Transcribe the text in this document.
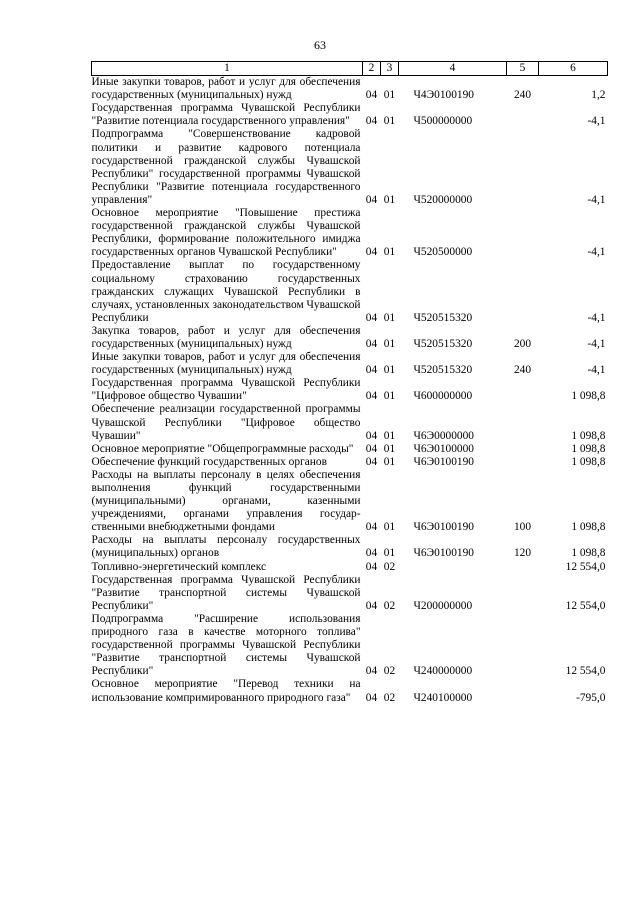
63
1	2	3	4	5	6
Иные закупки товаров, работ и услуг для обеспечения государственных (муниципальных) нужд	04	01	Ч4Э0100190	240	1,2
Государственная программа Чувашской Республики "Развитие потенциала государственного управления"	04	01	Ч500000000		-4,1
Подпрограмма "Совершенствование кадровой политики и развитие кадрового потенциала государственной гражданской службы Чувашской Республики" государственной программы Чувашской Республики "Развитие потенциала государственного управления"	04	01	Ч520000000		-4,1
Основное мероприятие "Повышение престижа государственной гражданской службы Чувашской Республики, формирование положительного имиджа государственных органов Чувашской Республики"	04	01	Ч520500000		-4,1
Предоставление выплат по государственному социальному страхованию государственных гражданских служащих Чувашской Республики в случаях, установленных законодательством Чувашской Республики	04	01	Ч520515320		-4,1
Закупка товаров, работ и услуг для обеспечения государственных (муниципальных) нужд	04	01	Ч520515320	200	-4,1
Иные закупки товаров, работ и услуг для обеспечения государственных (муниципальных) нужд	04	01	Ч520515320	240	-4,1
Государственная программа Чувашской Республики "Цифровое общество Чувашии"	04	01	Ч600000000		1 098,8
Обеспечение реализации государственной программы Чувашской Республики "Цифровое общество Чувашии"	04	01	Ч6Э0000000		1 098,8
Основное мероприятие "Общепрограммные расходы"	04	01	Ч6Э0100000		1 098,8
Обеспечение функций государственных органов	04	01	Ч6Э0100190		1 098,8
Расходы на выплаты персоналу в целях обеспечения выполнения функций государственными (муниципальными) органами, казенными учреждениями, органами управления государственными внебюджетными фондами	04	01	Ч6Э0100190	100	1 098,8
Расходы на выплаты персоналу государственных (муниципальных) органов	04	01	Ч6Э0100190	120	1 098,8
Топливно-энергетический комплекс	04	02			12 554,0
Государственная программа Чувашской Республики "Развитие транспортной системы Чувашской Республики"	04	02	Ч200000000		12 554,0
Подпрограмма "Расширение использования природного газа в качестве моторного топлива" государственной программы Чувашской Республики "Развитие транспортной системы Чувашской Республики"	04	02	Ч240000000		12 554,0
Основное мероприятие "Перевод техники на использование компримированного природного газа"	04	02	Ч240100000		-795,0
